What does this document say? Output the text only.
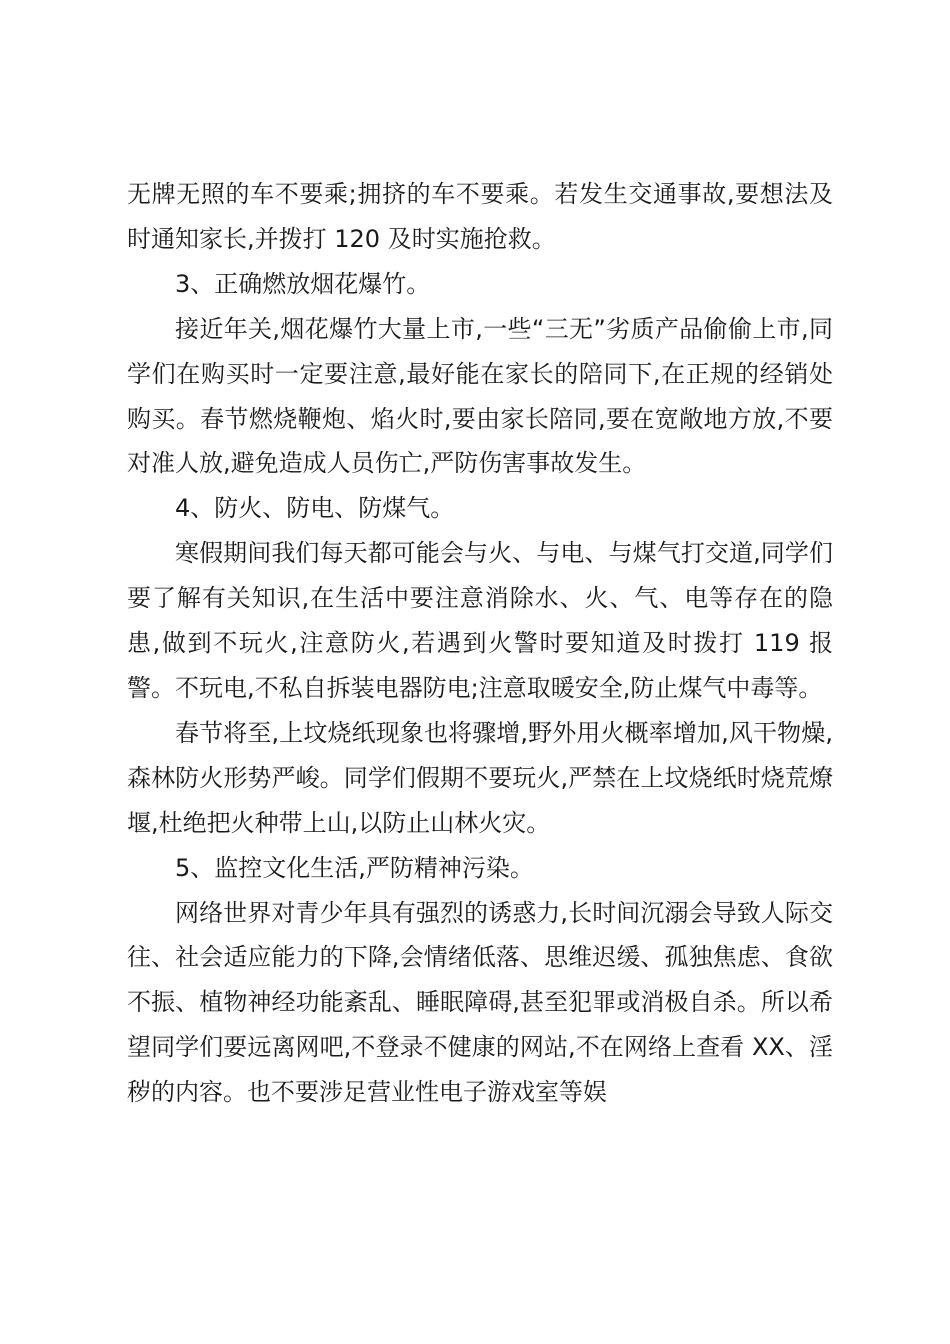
无牌无照的车不要乘;拥挤的车不要乘。若发生交通事故,要想法及时通知家长,并拨打 120 及时实施抢救。

3、正确燃放烟花爆竹。

接近年关,烟花爆竹大量上市,一些“三无”劣质产品偷偷上市,同学们在购买时一定要注意,最好能在家长的陪同下,在正规的经销处购买。春节燃烧鞭炮、焰火时,要由家长陪同,要在宽敞地方放,不要对准人放,避免造成人员伤亡,严防伤害事故发生。

4、防火、防电、防煤气。

寒假期间我们每天都可能会与火、与电、与煤气打交道,同学们要了解有关知识,在生活中要注意消除水、火、气、电等存在的隐患,做到不玩火,注意防火,若遇到火警时要知道及时拨打 119 报警。不玩电,不私自拆装电器防电;注意取暖安全,防止煤气中毒等。

春节将至,上坟烧纸现象也将骤增,野外用火概率增加,风干物燥,森林防火形势严峻。同学们假期不要玩火,严禁在上坟烧纸时烧荒燎堰,杜绝把火种带上山,以防止山林火灾。

5、监控文化生活,严防精神污染。

网络世界对青少年具有强烈的诱惑力,长时间沉溺会导致人际交往、社会适应能力的下降,会情绪低落、思维迟缓、孤独焦虑、食欲不振、植物神经功能紊乱、睡眠障碍,甚至犯罪或消极自杀。所以希望同学们要远离网吧,不登录不健康的网站,不在网络上查看 XX、淫秽的内容。也不要涉足营业性电子游戏室等娱
